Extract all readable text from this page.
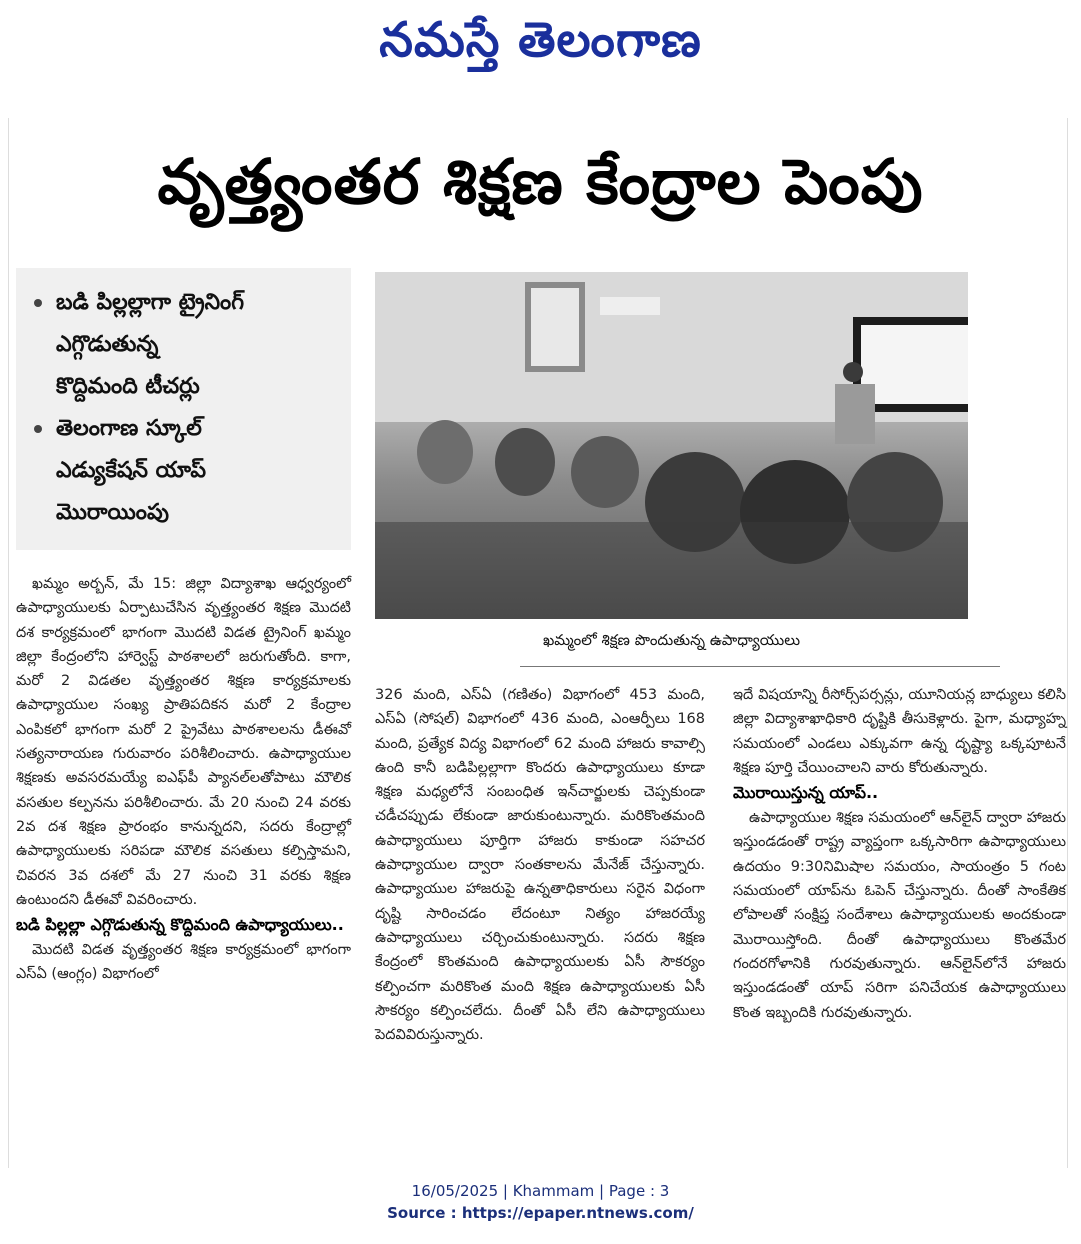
నమస్తే తెలంగాణ
వృత్త్యంతర శిక్షణ కేంద్రాల పెంపు
బడి పిల్లల్లాగా ట్రైనింగ్
ఎగ్గొడుతున్న
కొద్దిమంది టీచర్లు
తెలంగాణ స్కూల్
ఎడ్యుకేషన్ యాప్
మొరాయింపు
ఖమ్మంలో శిక్షణ పొందుతున్న ఉపాధ్యాయులు

ఖమ్మం అర్బన్, మే 15: జిల్లా విద్యాశాఖ ఆధ్వర్యంలో ఉపాధ్యాయులకు ఏర్పాటుచేసిన వృత్త్యంతర శిక్షణ మొదటి దశ కార్యక్రమంలో భాగంగా మొదటి విడత ట్రైనింగ్ ఖమ్మం జిల్లా కేంద్రంలోని హార్వెస్ట్ పాఠశాలలో జరుగుతోంది. కాగా, మరో 2 విడతల వృత్త్యంతర శిక్షణ కార్యక్రమాలకు ఉపాధ్యాయుల సంఖ్య ప్రాతిపదికన మరో 2 కేంద్రాల ఎంపికలో భాగంగా మరో 2 ప్రైవేటు పాఠశాలలను డీఈవో సత్యనారాయణ గురువారం పరిశీలించారు. ఉపాధ్యాయుల శిక్షణకు అవసరమయ్యే ఐఎఫ్‌పీ ప్యానల్‌లతోపాటు మౌలిక వసతుల కల్పనను పరిశీలించారు. మే 20 నుంచి 24 వరకు 2వ దశ శిక్షణ ప్రారంభం కానున్నదని, సదరు కేంద్రాల్లో ఉపాధ్యాయులకు సరిపడా మౌలిక వసతులు కల్పిస్తామని, చివరన 3వ దశలో మే 27 నుంచి 31 వరకు శిక్షణ ఉంటుందని డీఈవో వివరించారు.

బడి పిల్లల్లా ఎగ్గొడుతున్న కొద్దిమంది ఉపాధ్యాయులు..

మొదటి విడత వృత్త్యంతర శిక్షణ కార్యక్రమంలో భాగంగా ఎస్ఏ (ఆంగ్లం) విభాగంలో

326 మంది, ఎస్ఏ (గణితం) విభాగంలో 453 మంది, ఎస్ఏ (సోషల్) విభాగంలో 436 మంది, ఎంఆర్పీలు 168 మంది, ప్రత్యేక విద్య విభాగంలో 62 మంది హాజరు కావాల్సి ఉంది కానీ బడిపిల్లల్లాగా కొందరు ఉపాధ్యాయులు కూడా శిక్షణ మధ్యలోనే సంబంధిత ఇన్‌చార్జులకు చెప్పకుండా చడీచప్పుడు లేకుండా జారుకుంటున్నారు. మరికొంతమంది ఉపాధ్యాయులు పూర్తిగా హాజరు కాకుండా సహచర ఉపాధ్యాయుల ద్వారా సంతకాలను మేనేజ్ చేస్తున్నారు. ఉపాధ్యాయుల హాజరుపై ఉన్నతాధికారులు సరైన విధంగా దృష్టి సారించడం లేదంటూ నిత్యం హాజరయ్యే ఉపాధ్యాయులు చర్చించుకుంటున్నారు. సదరు శిక్షణ కేంద్రంలో కొంతమంది ఉపాధ్యాయులకు ఏసీ సౌకర్యం కల్పించగా మరికొంత మంది శిక్షణ ఉపాధ్యాయులకు ఏసీ సౌకర్యం కల్పించలేదు. దీంతో ఏసీ లేని ఉపాధ్యాయులు పెదవివిరుస్తున్నారు.

ఇదే విషయాన్ని రీసోర్స్‌పర్సన్లు, యూనియన్ల బాధ్యులు కలిసి జిల్లా విద్యాశాఖాధికారి దృష్టికి తీసుకెళ్లారు. పైగా, మధ్యాహ్న సమయంలో ఎండలు ఎక్కువగా ఉన్న దృష్ట్యా ఒక్కపూటనే శిక్షణ పూర్తి చేయించాలని వారు కోరుతున్నారు.

మొరాయిస్తున్న యాప్..

ఉపాధ్యాయుల శిక్షణ సమయంలో ఆన్‌లైన్ ద్వారా హాజరు ఇస్తుండడంతో రాష్ట్ర వ్యాప్తంగా ఒక్కసారిగా ఉపాధ్యాయులు ఉదయం 9:30నిమిషాల సమయం, సాయంత్రం 5 గంట సమయంలో యాప్‌ను ఓపెన్ చేస్తున్నారు. దీంతో సాంకేతిక లోపాలతో సంక్షిప్త సందేశాలు ఉపాధ్యాయులకు అందకుండా మొరాయిస్తోంది. దీంతో ఉపాధ్యాయులు కొంతమేర గందరగోళానికి గురవుతున్నారు. ఆన్‌లైన్‌లోనే హాజరు ఇస్తుండడంతో యాప్ సరిగా పనిచేయక ఉపాధ్యాయులు కొంత ఇబ్బందికి గురవుతున్నారు.

16/05/2025 | Khammam | Page : 3
Source : https://epaper.ntnews.com/
